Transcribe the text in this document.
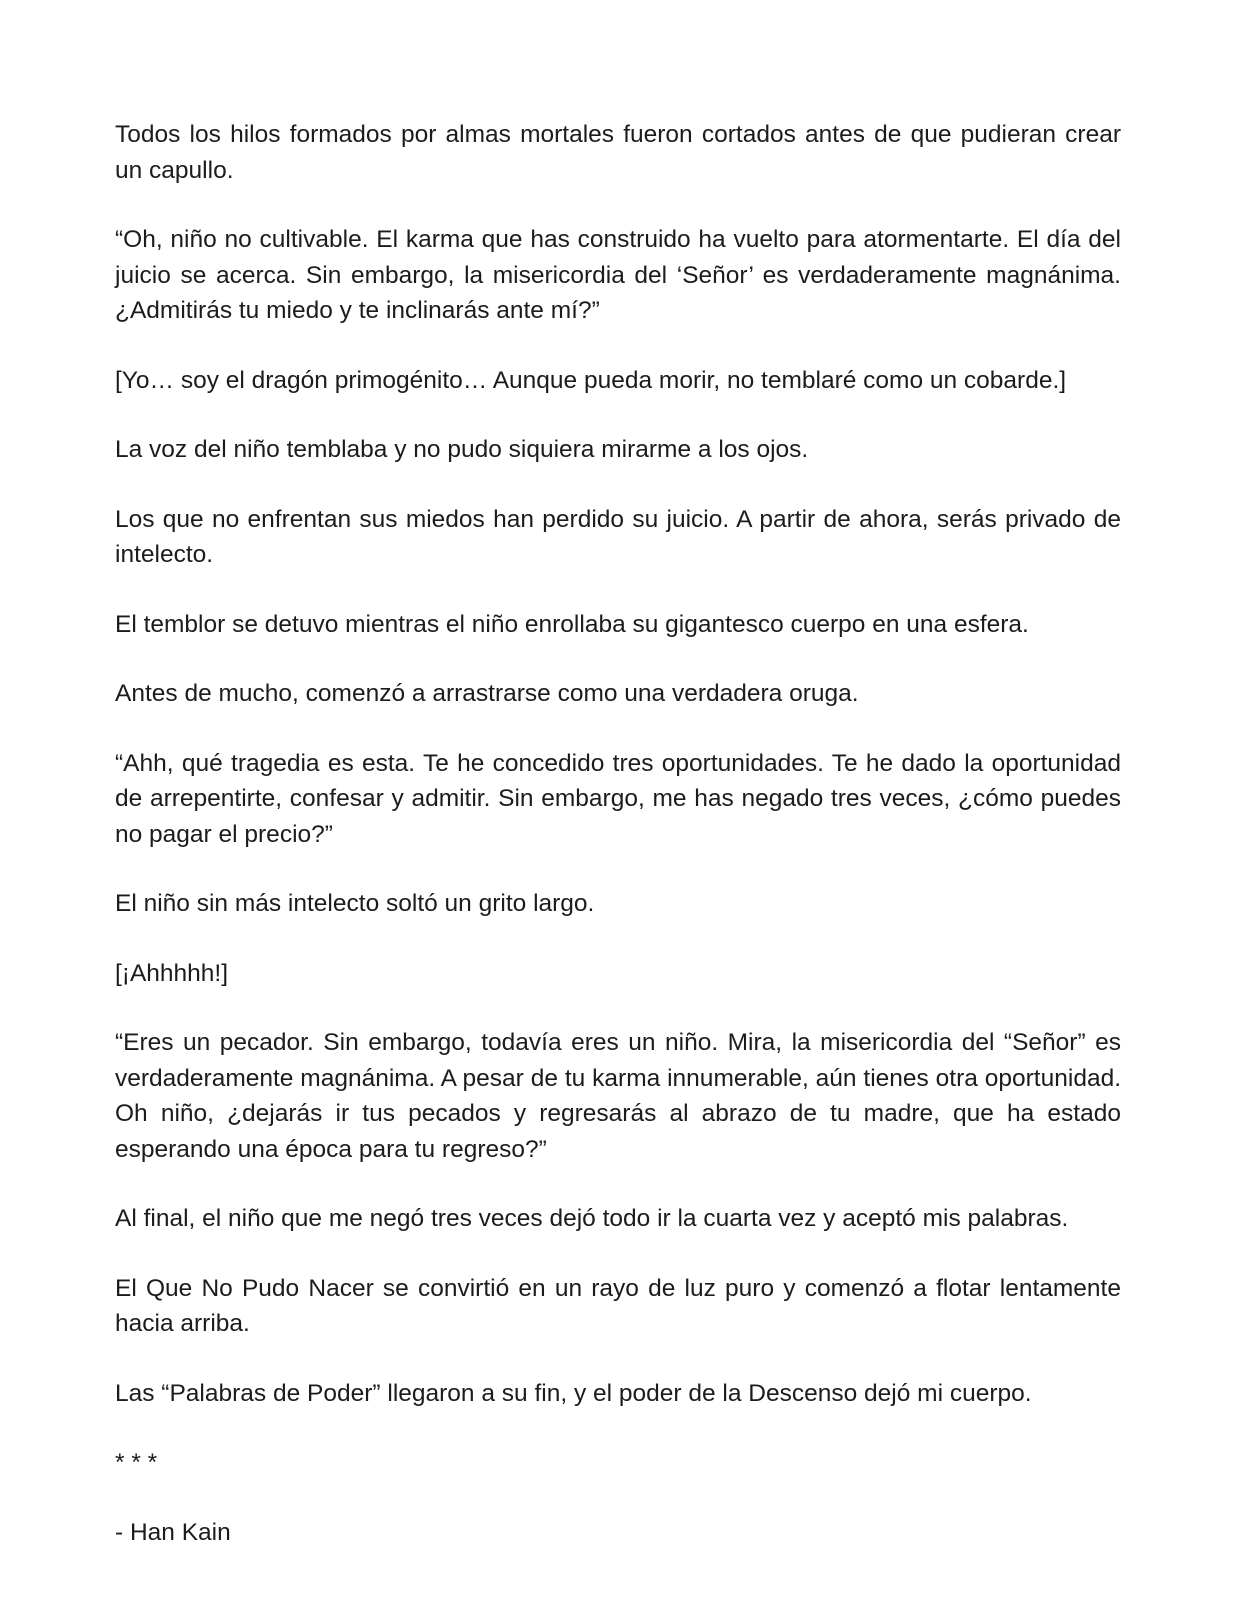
Todos los hilos formados por almas mortales fueron cortados antes de que pudieran crear un capullo.

“Oh, niño no cultivable. El karma que has construido ha vuelto para atormentarte. El día del juicio se acerca. Sin embargo, la misericordia del ‘Señor’ es verdaderamente magnánima. ¿Admitirás tu miedo y te inclinarás ante mí?”

[Yo… soy el dragón primogénito… Aunque pueda morir, no temblaré como un cobarde.]

La voz del niño temblaba y no pudo siquiera mirarme a los ojos.

Los que no enfrentan sus miedos han perdido su juicio. A partir de ahora, serás privado de intelecto.

El temblor se detuvo mientras el niño enrollaba su gigantesco cuerpo en una esfera.

Antes de mucho, comenzó a arrastrarse como una verdadera oruga.

“Ahh, qué tragedia es esta. Te he concedido tres oportunidades. Te he dado la oportunidad de arrepentirte, confesar y admitir. Sin embargo, me has negado tres veces, ¿cómo puedes no pagar el precio?”

El niño sin más intelecto soltó un grito largo.

[¡Ahhhhh!]

“Eres un pecador. Sin embargo, todavía eres un niño. Mira, la misericordia del “Señor” es verdaderamente magnánima. A pesar de tu karma innumerable, aún tienes otra oportunidad. Oh niño, ¿dejarás ir tus pecados y regresarás al abrazo de tu madre, que ha estado esperando una época para tu regreso?”

Al final, el niño que me negó tres veces dejó todo ir la cuarta vez y aceptó mis palabras.

El Que No Pudo Nacer se convirtió en un rayo de luz puro y comenzó a flotar lentamente hacia arriba.

Las “Palabras de Poder” llegaron a su fin, y el poder de la Descenso dejó mi cuerpo.

* * *

- Han Kain
